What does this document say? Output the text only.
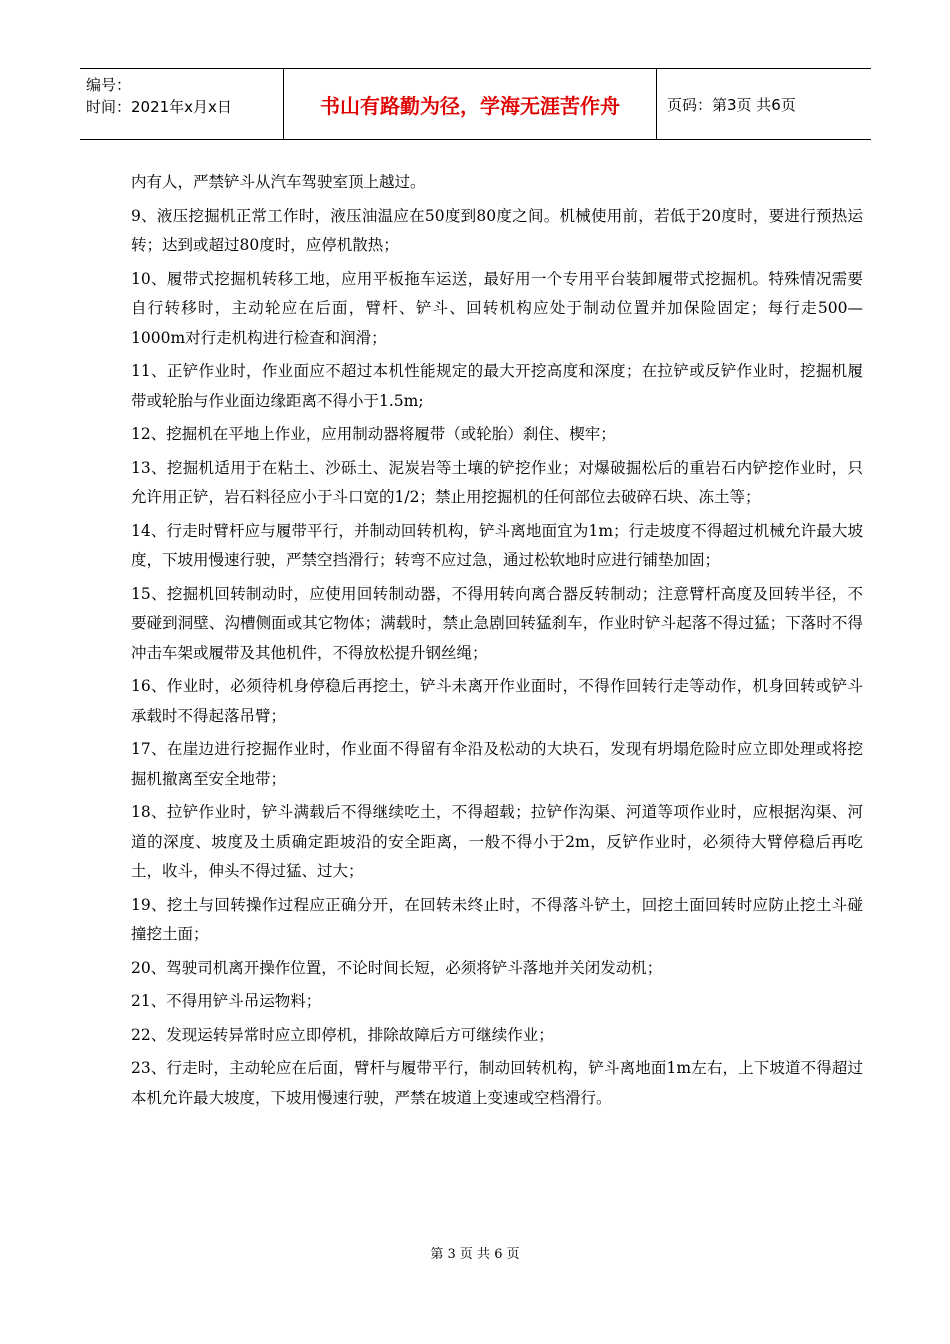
编号：
时间：2021年x月x日	书山有路勤为径，学海无涯苦作舟	页码：第3页 共6页

内有人，严禁铲斗从汽车驾驶室顶上越过。

9、液压挖掘机正常工作时，液压油温应在50度到80度之间。机械使用前，若低于20度时，要进行预热运转；达到或超过80度时，应停机散热；

10、履带式挖掘机转移工地，应用平板拖车运送，最好用一个专用平台装卸履带式挖掘机。特殊情况需要自行转移时，主动轮应在后面，臂杆、铲斗、回转机构应处于制动位置并加保险固定；每行走500—1000m对行走机构进行检查和润滑；

11、正铲作业时，作业面应不超过本机性能规定的最大开挖高度和深度；在拉铲或反铲作业时，挖掘机履带或轮胎与作业面边缘距离不得小于1.5m;

12、挖掘机在平地上作业，应用制动器将履带（或轮胎）刹住、楔牢；

13、挖掘机适用于在粘土、沙砾土、泥炭岩等土壤的铲挖作业；对爆破掘松后的重岩石内铲挖作业时，只允许用正铲，岩石料径应小于斗口宽的1/2；禁止用挖掘机的任何部位去破碎石块、冻土等；

14、行走时臂杆应与履带平行，并制动回转机构，铲斗离地面宜为1m；行走坡度不得超过机械允许最大坡度，下坡用慢速行驶，严禁空挡滑行；转弯不应过急，通过松软地时应进行铺垫加固；

15、挖掘机回转制动时，应使用回转制动器，不得用转向离合器反转制动；注意臂杆高度及回转半径，不要碰到洞壁、沟槽侧面或其它物体；满载时，禁止急剧回转猛刹车，作业时铲斗起落不得过猛；下落时不得冲击车架或履带及其他机件，不得放松提升钢丝绳；

16、作业时，必须待机身停稳后再挖土，铲斗未离开作业面时，不得作回转行走等动作，机身回转或铲斗承载时不得起落吊臂；

17、在崖边进行挖掘作业时，作业面不得留有伞沿及松动的大块石，发现有坍塌危险时应立即处理或将挖掘机撤离至安全地带；

18、拉铲作业时，铲斗满载后不得继续吃土，不得超载；拉铲作沟渠、河道等项作业时，应根据沟渠、河道的深度、坡度及土质确定距坡沿的安全距离，一般不得小于2m，反铲作业时，必须待大臂停稳后再吃土，收斗，伸头不得过猛、过大；

19、挖土与回转操作过程应正确分开，在回转未终止时，不得落斗铲土，回挖土面回转时应防止挖土斗碰撞挖土面；

20、驾驶司机离开操作位置，不论时间长短，必须将铲斗落地并关闭发动机；

21、不得用铲斗吊运物料；

22、发现运转异常时应立即停机，排除故障后方可继续作业；

23、行走时，主动轮应在后面，臂杆与履带平行，制动回转机构，铲斗离地面1m左右，上下坡道不得超过本机允许最大坡度，下坡用慢速行驶，严禁在坡道上变速或空档滑行。

第 3 页 共 6 页
